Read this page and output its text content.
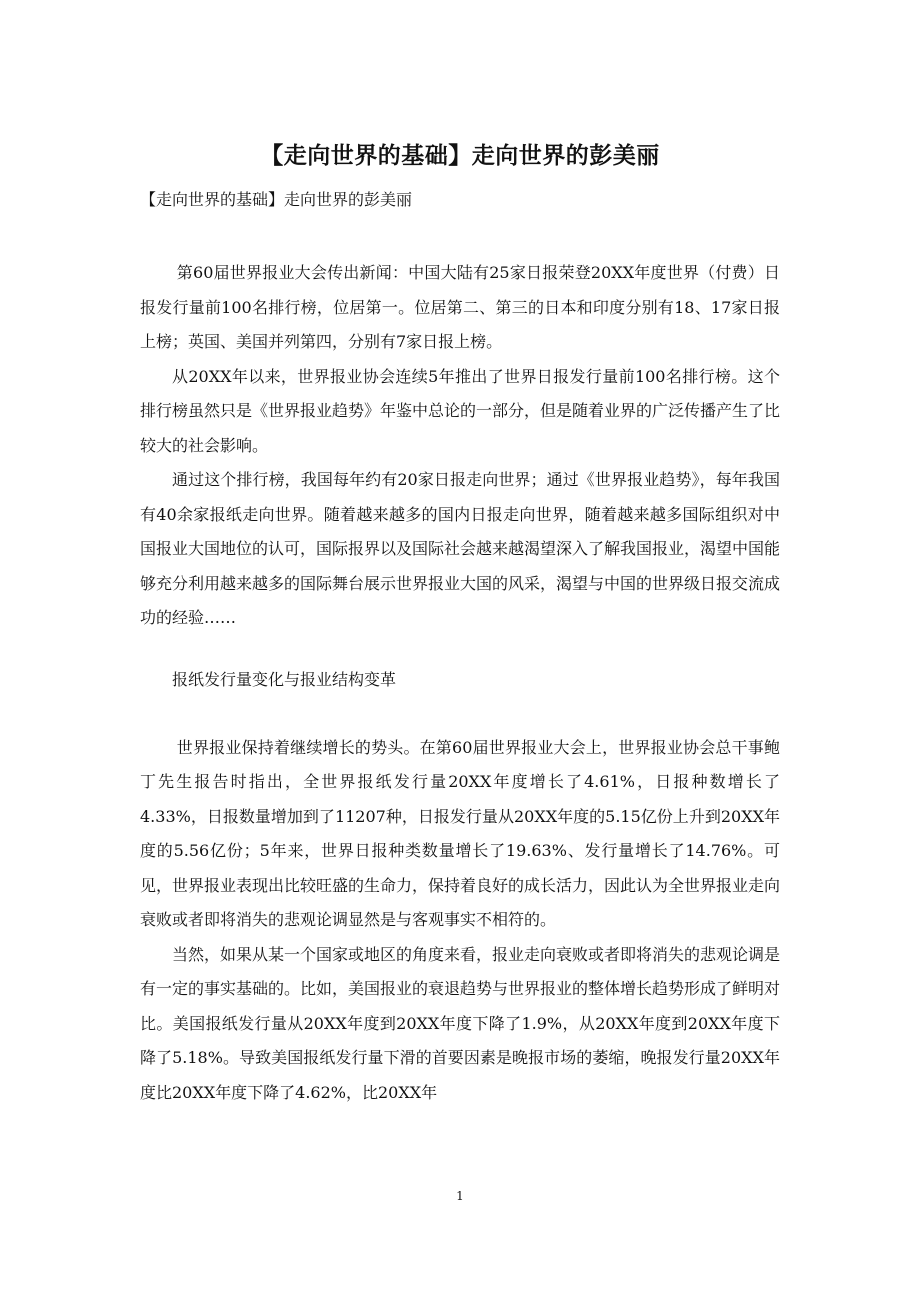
【走向世界的基础】走向世界的彭美丽
【走向世界的基础】走向世界的彭美丽

第60届世界报业大会传出新闻：中国大陆有25家日报荣登20XX年度世界（付费）日报发行量前100名排行榜，位居第一。位居第二、第三的日本和印度分别有18、17家日报上榜；英国、美国并列第四，分别有7家日报上榜。

从20XX年以来，世界报业协会连续5年推出了世界日报发行量前100名排行榜。这个排行榜虽然只是《世界报业趋势》年鉴中总论的一部分，但是随着业界的广泛传播产生了比较大的社会影响。

通过这个排行榜，我国每年约有20家日报走向世界；通过《世界报业趋势》，每年我国有40余家报纸走向世界。随着越来越多的国内日报走向世界，随着越来越多国际组织对中国报业大国地位的认可，国际报界以及国际社会越来越渴望深入了解我国报业，渴望中国能够充分利用越来越多的国际舞台展示世界报业大国的风采，渴望与中国的世界级日报交流成功的经验……

报纸发行量变化与报业结构变革

世界报业保持着继续增长的势头。在第60届世界报业大会上，世界报业协会总干事鲍丁先生报告时指出，全世界报纸发行量20XX年度增长了4.61%，日报种数增长了4.33%，日报数量增加到了11207种，日报发行量从20XX年度的5.15亿份上升到20XX年度的5.56亿份；5年来，世界日报种类数量增长了19.63%、发行量增长了14.76%。可见，世界报业表现出比较旺盛的生命力，保持着良好的成长活力，因此认为全世界报业走向衰败或者即将消失的悲观论调显然是与客观事实不相符的。

当然，如果从某一个国家或地区的角度来看，报业走向衰败或者即将消失的悲观论调是有一定的事实基础的。比如，美国报业的衰退趋势与世界报业的整体增长趋势形成了鲜明对比。美国报纸发行量从20XX年度到20XX年度下降了1.9%，从20XX年度到20XX年度下降了5.18%。导致美国报纸发行量下滑的首要因素是晚报市场的萎缩，晚报发行量20XX年度比20XX年度下降了4.62%，比20XX年

1
